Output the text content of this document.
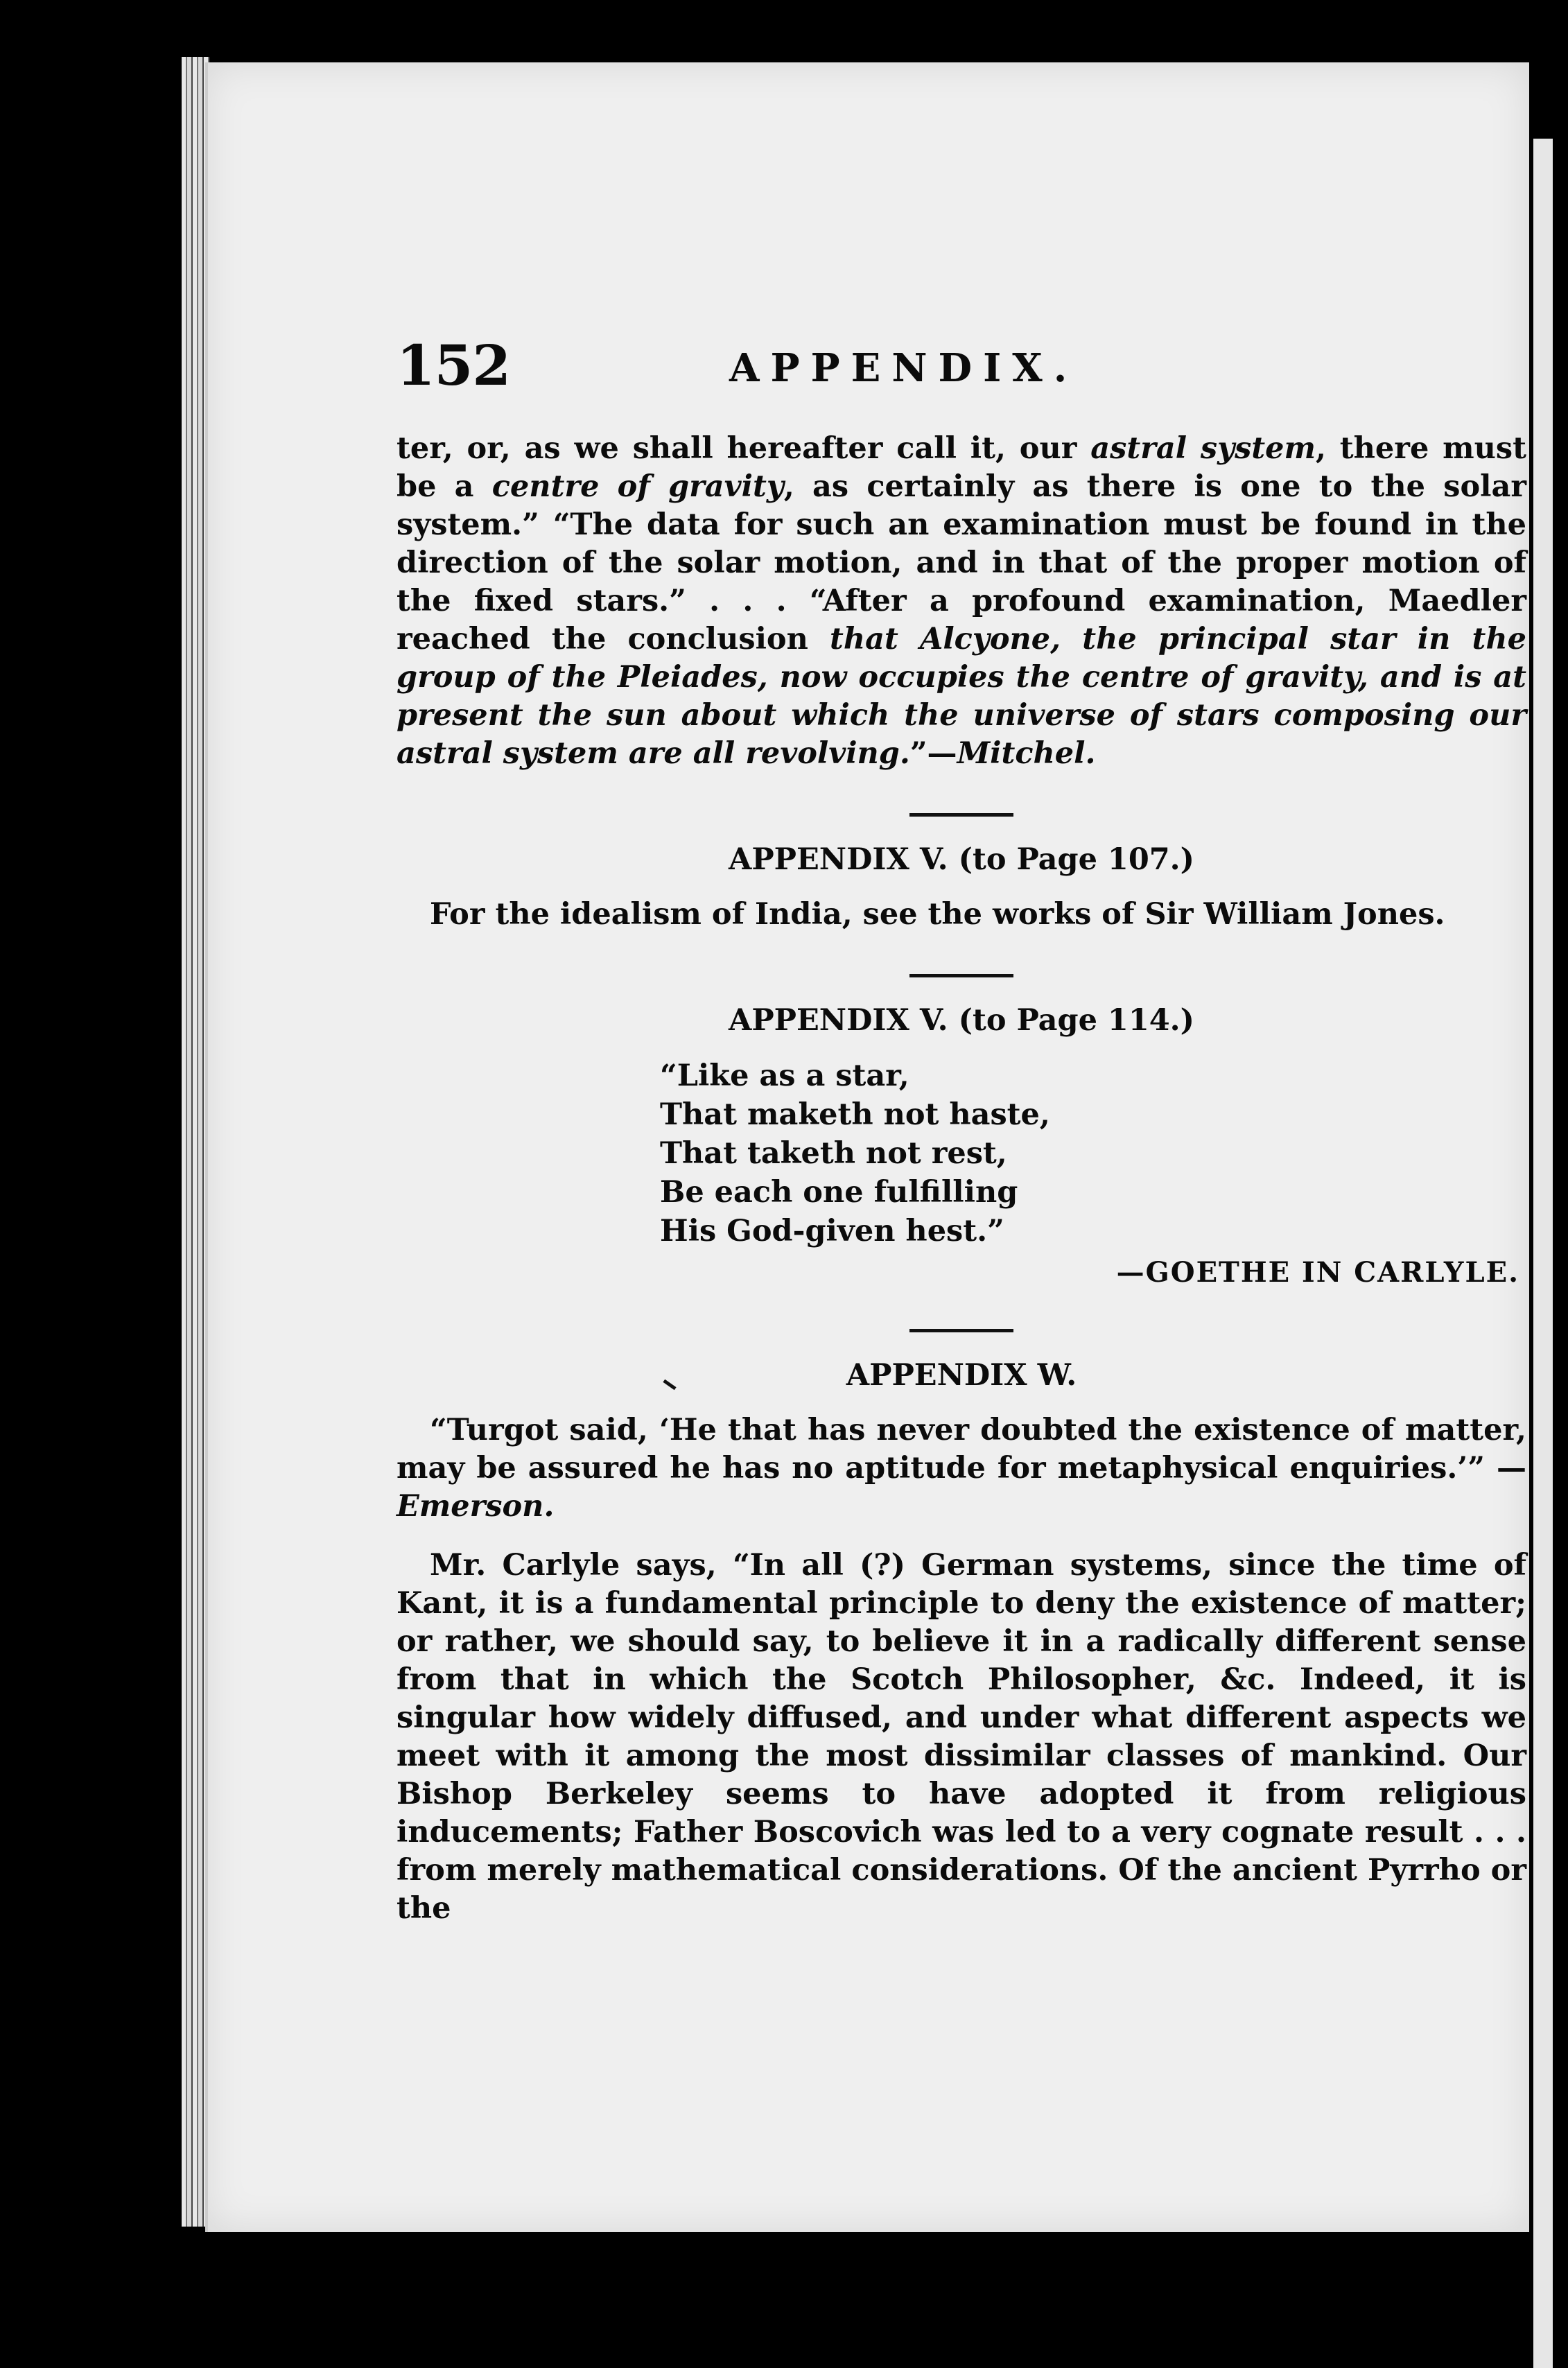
152	APPENDIX.

ter, or, as we shall hereafter call it, our astral system, there must be a centre of gravity, as certainly as there is one to the solar system.” “The data for such an examination must be found in the direction of the solar motion, and in that of the proper motion of the fixed stars.” . . . “After a profound examination, Maedler reached the conclusion that Alcyone, the principal star in the group of the Pleiades, now occupies the centre of gravity, and is at present the sun about which the universe of stars composing our astral system are all revolving.”—Mitchel.

APPENDIX V. (to Page 107.)

For the idealism of India, see the works of Sir William Jones.

APPENDIX V. (to Page 114.)
“Like as a star,
That maketh not haste,
That taketh not rest,
Be each one fulfilling
His God-given hest.”
—GOETHE IN CARLYLE.
APPENDIX W.

“Turgot said, ‘He that has never doubted the existence of matter, may be assured he has no aptitude for metaphysical enquiries.’” —Emerson.

Mr. Carlyle says, “In all (?) German systems, since the time of Kant, it is a fundamental principle to deny the existence of matter; or rather, we should say, to believe it in a radically different sense from that in which the Scotch Philosopher, &c. Indeed, it is singular how widely diffused, and under what different aspects we meet with it among the most dissimilar classes of mankind. Our Bishop Berkeley seems to have adopted it from religious inducements; Father Boscovich was led to a very cognate result . . . from merely mathematical considerations. Of the ancient Pyrrho or the
